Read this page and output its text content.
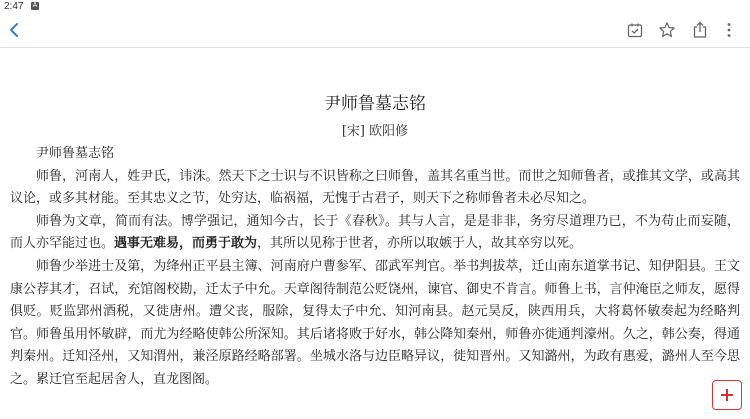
2:47 A
尹师鲁墓志铭
[宋] 欧阳修

尹师鲁墓志铭

师鲁，河南人，姓尹氏，讳洙。然天下之士识与不识皆称之曰师鲁，盖其名重当世。而世之知师鲁者，或推其文学，或高其议论，或多其材能。至其忠义之节，处穷达，临祸福，无愧于古君子，则天下之称师鲁者未必尽知之。

师鲁为文章，简而有法。博学强记，通知今古，长于《春秋》。其与人言，是是非非，务穷尽道理乃已，不为苟止而妄随，而人亦罕能过也。遇事无难易，而勇于敢为，其所以见称于世者，亦所以取嫉于人，故其卒穷以死。

师鲁少举进士及第，为绛州正平县主簿、河南府户曹参军、邵武军判官。举书判拔萃，迁山南东道掌书记、知伊阳县。王文康公荐其才，召试，充馆阁校勘，迁太子中允。天章阁待制范公贬饶州，谏官、御史不肯言。师鲁上书，言仲淹臣之师友，愿得俱贬。贬监郢州酒税，又徙唐州。遭父丧，服除，复得太子中允、知河南县。赵元昊反，陕西用兵，大将葛怀敏奏起为经略判官。师鲁虽用怀敏辟，而尤为经略使韩公所深知。其后诸将败于好水，韩公降知秦州，师鲁亦徙通判濠州。久之，韩公奏，得通判秦州。迁知泾州，又知渭州，兼泾原路经略部署。坐城水洛与边臣略异议，徙知晋州。又知潞州，为政有惠爱，潞州人至今思之。累迁官至起居舍人，直龙图阁。
